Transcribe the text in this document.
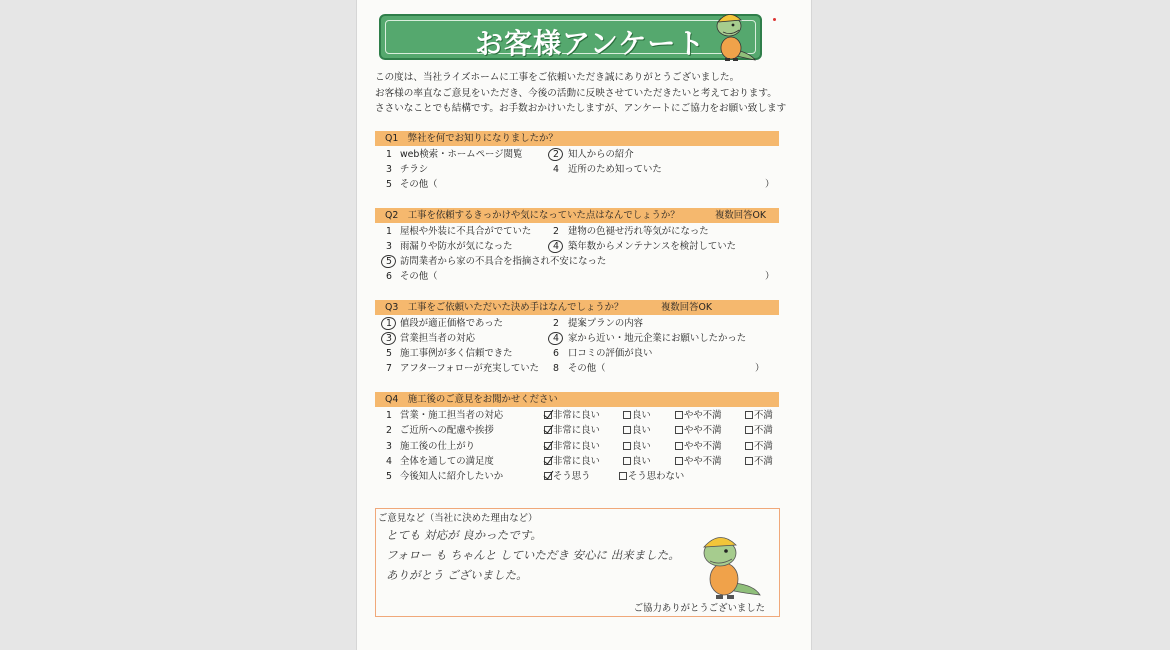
お客様アンケート
この度は、当社ライズホームに工事をご依頼いただき誠にありがとうございました。
お客様の率直なご意見をいただき、今後の活動に反映させていただきたいと考えております。
ささいなことでも結構です。お手数おかけいたしますが、アンケートにご協力をお願い致します
Q1　弊社を何でお知りになりましたか？
1 web検索・ホームページ閲覧	2 知人からの紹介
3 チラシ	4 近所のため知っていた
5 その他（	）
Q2　工事を依頼するきっかけや気になっていた点はなんでしょうか？	複数回答OK
1 屋根や外装に不具合がでていた 2 建物の色褪せ汚れ等気がになった
3 雨漏りや防水が気になった	4 築年数からメンテナンスを検討していた
5 訪問業者から家の不具合を指摘され不安になった
6 その他（	）
Q3　工事をご依頼いただいた決め手はなんでしょうか？	複数回答OK
1 値段が適正価格であった	2 提案プランの内容
3 営業担当者の対応	4 家から近い・地元企業にお願いしたかった
5 施工事例が多く信頼できた	6 口コミの評価が良い
7 アフターフォローが充実していた 8 その他（	）
Q4　施工後のご意見をお聞かせください
1 営業・施工担当者の対応	非常に良い	良い	やや不満	不満
2 ご近所への配慮や挨拶	非常に良い	良い	やや不満	不満
3 施工後の仕上がり	非常に良い	良い	やや不満	不満
4 全体を通しての満足度	非常に良い	良い	やや不満	不満
5 今後知人に紹介したいか	そう思う	そう思わない
ご意見など（当社に決めた理由など）
とても 対応が 良かったです。
フォロー も ちゃんと していただき 安心に 出来ました。
ありがとう ございました。
ご協力ありがとうございました
